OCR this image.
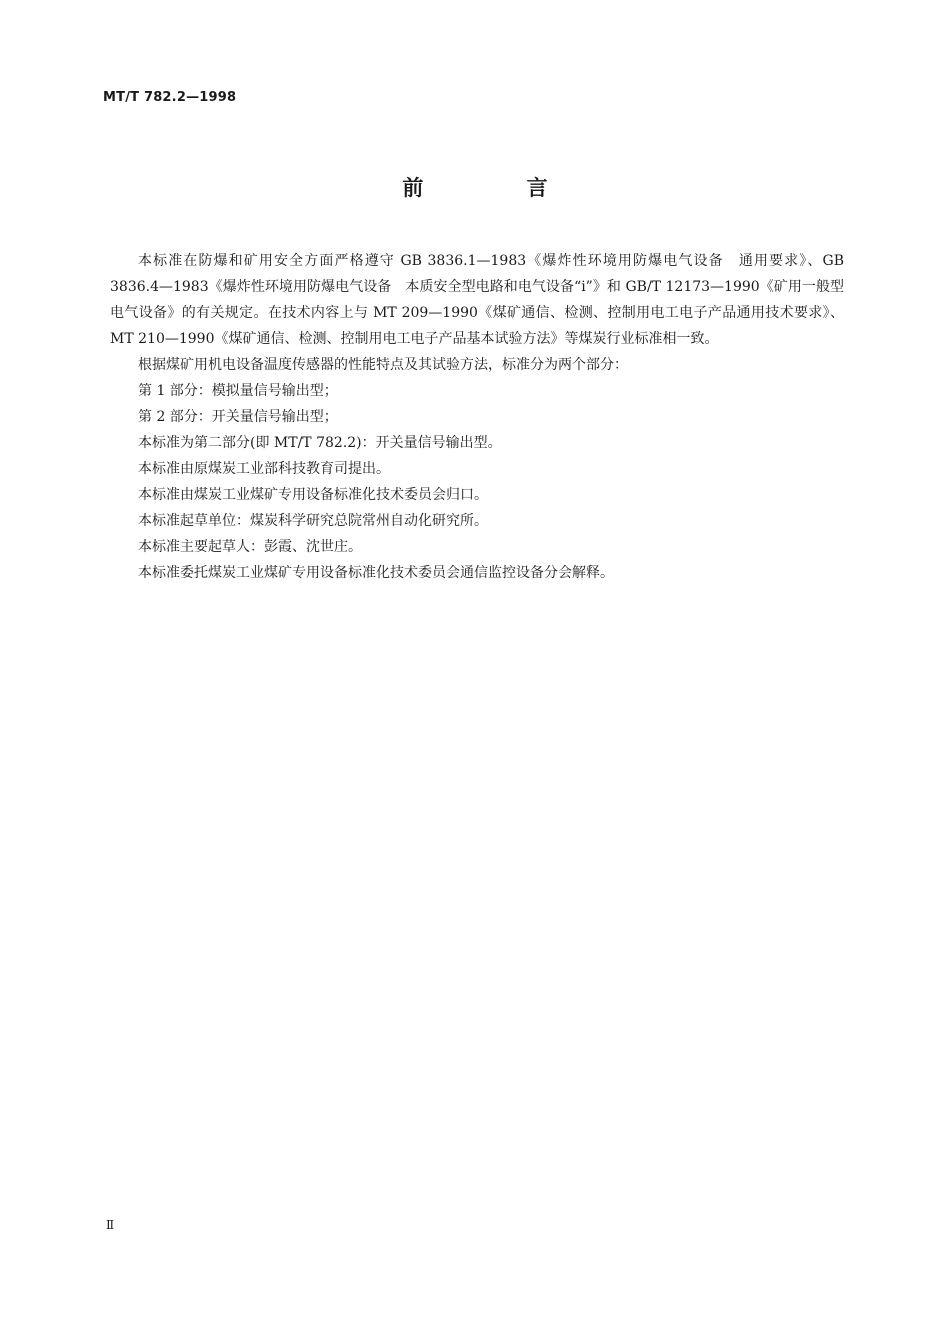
MT/T 782.2—1998
前 言

本标准在防爆和矿用安全方面严格遵守 GB 3836.1—1983《爆炸性环境用防爆电气设备　通用要求》、GB 3836.4—1983《爆炸性环境用防爆电气设备　本质安全型电路和电气设备“i”》和 GB/T 12173—1990《矿用一般型电气设备》的有关规定。在技术内容上与 MT 209—1990《煤矿通信、检测、控制用电工电子产品通用技术要求》、MT 210—1990《煤矿通信、检测、控制用电工电子产品基本试验方法》等煤炭行业标准相一致。

根据煤矿用机电设备温度传感器的性能特点及其试验方法，标准分为两个部分：

第 1 部分：模拟量信号输出型；

第 2 部分：开关量信号输出型；

本标准为第二部分(即 MT/T 782.2)：开关量信号输出型。

本标准由原煤炭工业部科技教育司提出。

本标准由煤炭工业煤矿专用设备标准化技术委员会归口。

本标准起草单位：煤炭科学研究总院常州自动化研究所。

本标准主要起草人：彭霞、沈世庄。

本标准委托煤炭工业煤矿专用设备标准化技术委员会通信监控设备分会解释。

Ⅱ
